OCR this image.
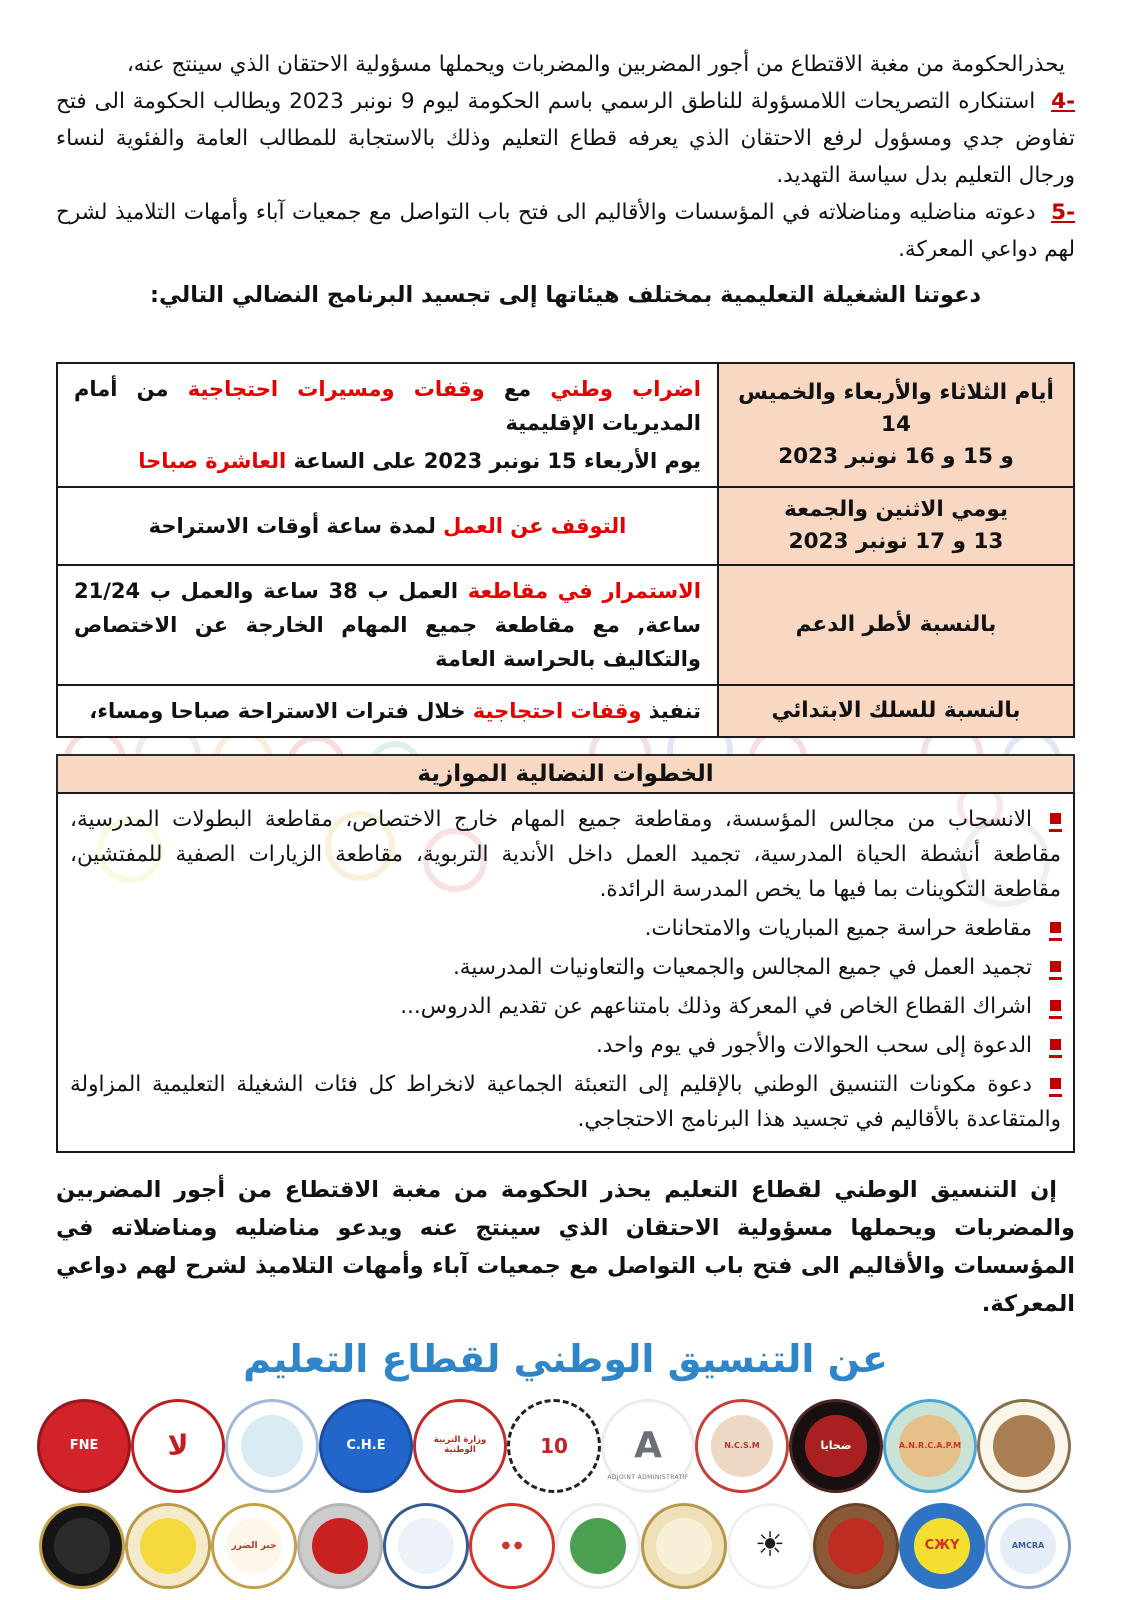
يحذرالحكومة من مغبة الاقتطاع من أجور المضربين والمضربات ويحملها مسؤولية الاحتقان الذي سينتج عنه،

4- استنكاره التصريحات اللامسؤولة للناطق الرسمي باسم الحكومة ليوم 9 نونبر 2023 ويطالب الحكومة الى فتح تفاوض جدي ومسؤول لرفع الاحتقان الذي يعرفه قطاع التعليم وذلك بالاستجابة للمطالب العامة والفئوية لنساء ورجال التعليم بدل سياسة التهديد.

5- دعوته مناضليه ومناضلاته في المؤسسات والأقاليم الى فتح باب التواصل مع جمعيات آباء وأمهات التلاميذ لشرح لهم دواعي المعركة.

دعوتنا الشغيلة التعليمية بمختلف هيئاتها إلى تجسيد البرنامج النضالي التالي:

أيام الثلاثاء والأربعاء والخميس
14
و 15 و 16 نونبر 2023

اضراب وطني مع وقفات ومسيرات احتجاجية من أمام المديريات الإقليمية

يوم الأربعاء 15 نونبر 2023 على الساعة العاشرة صباحا

يومي الاثنين والجمعة
13 و 17 نونبر 2023

التوقف عن العمل لمدة ساعة أوقات الاستراحة

بالنسبة لأطر الدعم

الاستمرار في مقاطعة العمل ب 38 ساعة والعمل ب 21/24 ساعة, مع مقاطعة جميع المهام الخارجة عن الاختصاص والتكاليف بالحراسة العامة

بالنسبة للسلك الابتدائي

تنفيذ وقفات احتجاجية خلال فترات الاستراحة صباحا ومساء،

الخطوات النضالية الموازية
الانسحاب من مجالس المؤسسة، ومقاطعة جميع المهام خارج الاختصاص، مقاطعة البطولات المدرسية، مقاطعة أنشطة الحياة المدرسية، تجميد العمل داخل الأندية التربوية، مقاطعة الزيارات الصفية للمفتشين، مقاطعة التكوينات بما فيها ما يخص المدرسة الرائدة.
مقاطعة حراسة جميع المباريات والامتحانات.
تجميد العمل في جميع المجالس والجمعيات والتعاونيات المدرسية.
اشراك القطاع الخاص في المعركة وذلك بامتناعهم عن تقديم الدروس...
الدعوة إلى سحب الحوالات والأجور في يوم واحد.
دعوة مكونات التنسيق الوطني بالإقليم إلى التعبئة الجماعية لانخراط كل فئات الشغيلة التعليمية المزاولة والمتقاعدة بالأقاليم في تجسيد هذا البرنامج الاحتجاجي.

إن التنسيق الوطني لقطاع التعليم يحذر الحكومة من مغبة الاقتطاع من أجور المضربين والمضربات ويحملها مسؤولية الاحتقان الذي سينتج عنه ويدعو مناضليه ومناضلاته في المؤسسات والأقاليم الى فتح باب التواصل مع جمعيات آباء وأمهات التلاميذ لشرح لهم دواعي المعركة.

عن التنسيق الوطني لقطاع التعليم
A.N.R.C.A.P.M
ضحايا
N.C.S.M
A
ADJOINT ADMINISTRATIF
10
وزارة التربية الوطنية
C.H.E
لا
FNE
AMCRA
CЖY
☀
● ●
جبر الضرر
